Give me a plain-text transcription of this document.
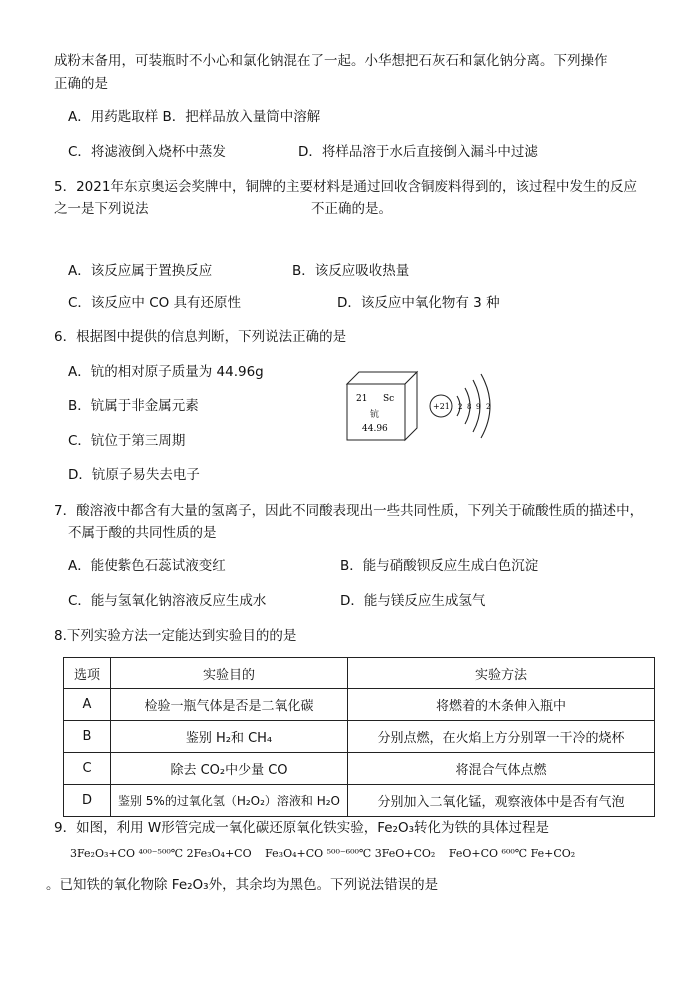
成粉末备用，可装瓶时不小心和氯化钠混在了一起。小华想把石灰石和氯化钠分离。下列操作
正确的是
A．用药匙取样 B．把样品放入量筒中溶解
C．将滤液倒入烧杯中蒸发	D．将样品溶于水后直接倒入漏斗中过滤
5．2021年东京奥运会奖牌中，铜牌的主要材料是通过回收含铜废料得到的，该过程中发生的反应
之一是下列说法	不正确的是。
A．该反应属于置换反应	B．该反应吸收热量
C．该反应中 CO 具有还原性	D．该反应中氧化物有 3 种
6．根据图中提供的信息判断，下列说法正确的是
A．钪的相对原子质量为 44.96g
B．钪属于非金属元素
C．钪位于第三周期
D．钪原子易失去电子
21 Sc
钪
44.96
+21 2 8 9 2
7．酸溶液中都含有大量的氢离子，因此不同酸表现出一些共同性质，下列关于硫酸性质的描述中，
不属于酸的共同性质的是
A．能使紫色石蕊试液变红	B．能与硝酸钡反应生成白色沉淀
C．能与氢氧化钠溶液反应生成水	D．能与镁反应生成氢气
8.下列实验方法一定能达到实验目的的是
选项	实验目的	实验方法
A	检验一瓶气体是否是二氧化碳	将燃着的木条伸入瓶中
B	鉴别 H₂和 CH₄	分别点燃，在火焰上方分别罩一干冷的烧杯
C	除去 CO₂中少量 CO	将混合气体点燃
D	鉴别 5%的过氧化氢（H₂O₂）溶液和 H₂O	分别加入二氧化锰，观察液体中是否有气泡
9．如图，利用 W形管完成一氧化碳还原氧化铁实验，Fe₂O₃转化为铁的具体过程是
3Fe₂O₃+CO ⁴⁰⁰⁻⁵⁰⁰℃ 2Fe₃O₄+CO Fe₃O₄+CO ⁵⁰⁰⁻⁶⁰⁰℃ 3FeO+CO₂ FeO+CO ⁶⁰⁰℃ Fe+CO₂
。已知铁的氧化物除 Fe₂O₃外，其余均为黑色。下列说法错误的是
